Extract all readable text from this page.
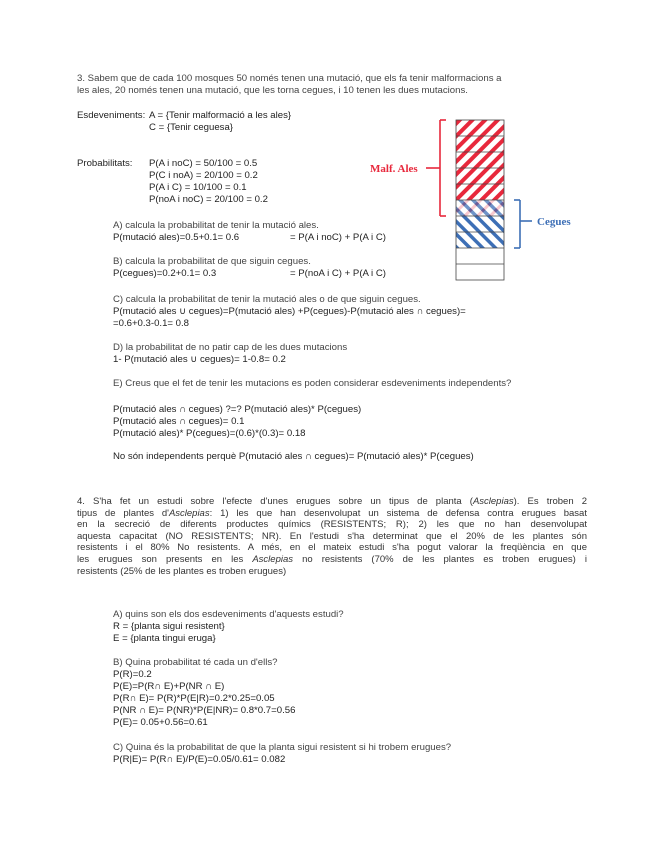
3. Sabem que de cada 100 mosques 50 només tenen una mutació, que els fa tenir malformacions a
les ales, 20 només tenen una mutació, que les torna cegues, i 10 tenen les dues mutacions.
Esdeveniments: A = {Tenir malformació a les ales}
C = {Tenir ceguesa}
Probabilitats: P(A i noC) = 50/100 = 0.5
P(C i noA) = 20/100 = 0.2
P(A i C) = 10/100 = 0.1
P(noA i noC) = 20/100 = 0.2
A) calcula la probabilitat de tenir la mutació ales.
P(mutació ales)=0.5+0.1= 0.6	= P(A i noC) + P(A i C)
B) calcula la probabilitat de que siguin cegues.
P(cegues)=0.2+0.1= 0.3	= P(noA i C) + P(A i C)
C) calcula la probabilitat de tenir la mutació ales o de que siguin cegues.
P(mutació ales ∪ cegues)=P(mutació ales) +P(cegues)-P(mutació ales ∩ cegues)=
=0.6+0.3-0.1= 0.8
D) la probabilitat de no patir cap de les dues mutacions
1- P(mutació ales ∪ cegues)= 1-0.8= 0.2
E) Creus que el fet de tenir les mutacions es poden considerar esdeveniments independents?
P(mutació ales ∩ cegues) ?=? P(mutació ales)* P(cegues)
P(mutació ales ∩ cegues)= 0.1
P(mutació ales)* P(cegues)=(0.6)*(0.3)= 0.18
No són independents perquè P(mutació ales ∩ cegues)= P(mutació ales)* P(cegues)
Malf. Ales
Cegues
4. S'ha fet un estudi sobre l'efecte d'unes erugues sobre un tipus de planta (Asclepias). Es troben 2
tipus de plantes d'Asclepias: 1) les que han desenvolupat un sistema de defensa contra erugues basat
en la secreció de diferents productes químics (RESISTENTS; R); 2) les que no han desenvolupat
aquesta capacitat (NO RESISTENTS; NR). En l'estudi s'ha determinat que el 20% de les plantes són
resistents i el 80% No resistents. A més, en el mateix estudi s'ha pogut valorar la freqüència en que
les erugues son presents en les Asclepias no resistents (70% de les plantes es troben erugues) i
resistents (25% de les plantes es troben erugues)
A) quins son els dos esdeveniments d'aquests estudi?
R = {planta sigui resistent}
E = {planta tingui eruga}
B) Quina probabilitat té cada un d'ells?
P(R)=0.2
P(E)=P(R∩ E)+P(NR ∩ E)
P(R∩ E)= P(R)*P(E|R)=0.2*0.25=0.05
P(NR ∩ E)= P(NR)*P(E|NR)= 0.8*0.7=0.56
P(E)= 0.05+0.56=0.61
C) Quina és la probabilitat de que la planta sigui resistent si hi trobem erugues?
P(R|E)= P(R∩ E)/P(E)=0.05/0.61= 0.082
